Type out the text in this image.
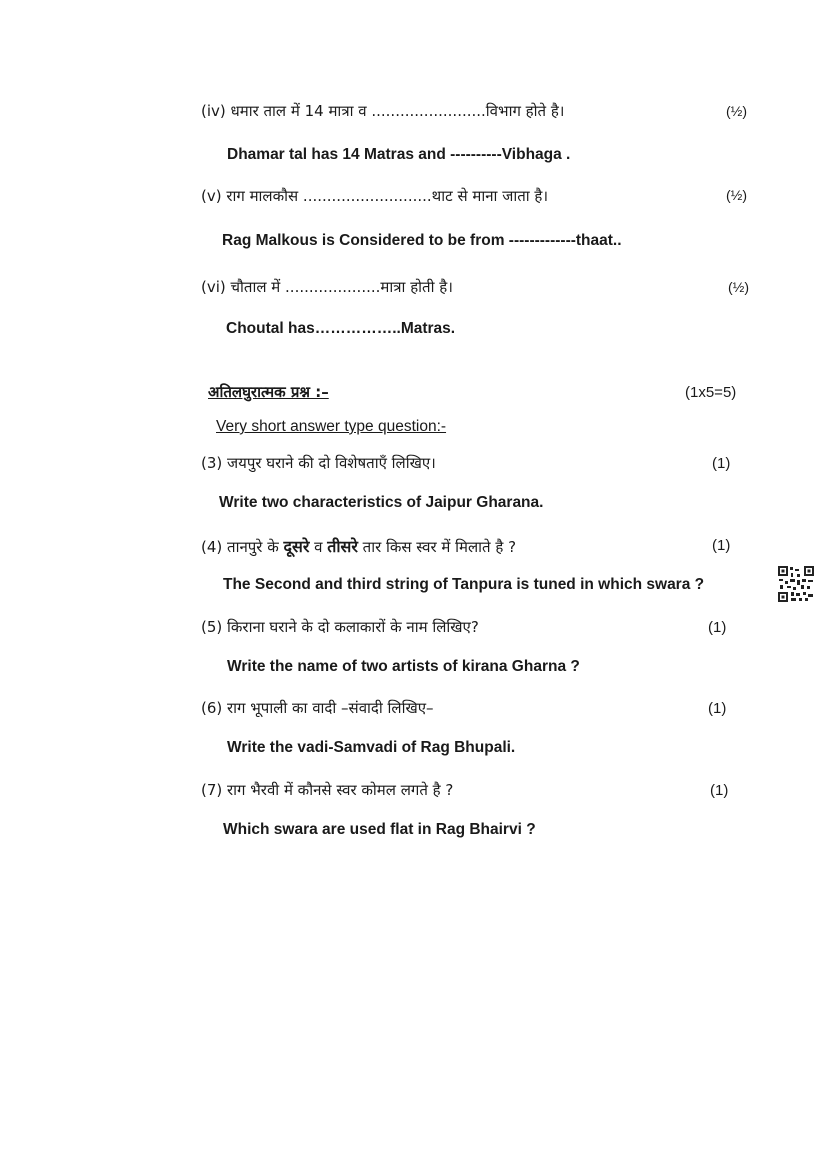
(iv) धमार ताल में 14 मात्रा व ........................विभाग होते है।	(½)
Dhamar tal has 14 Matras and ----------Vibhaga .
(v) राग मालकौस ...........................थाट से माना जाता है।	(½)
Rag Malkous is Considered to be from -------------thaat..
(vi) चौताल में ....................मात्रा होती है।	(½)
Choutal has……………..Matras.
अतिलघुरात्मक प्रश्न :–	(1x5=5)
Very short answer type question:-
(3) जयपुर घराने की दो विशेषताएँ लिखिए।	(1)
Write two characteristics of Jaipur Gharana.
(4) तानपुरे के दूसरे व तीसरे तार किस स्वर में मिलाते है ?	(1)
The Second and third string of Tanpura is tuned in which swara ?
(5) किराना घराने के दो कलाकारों के नाम लिखिए?	(1)
Write the name of two artists of kirana Gharna ?
(6) राग भूपाली का वादी –संवादी लिखिए–	(1)
Write the vadi-Samvadi of Rag Bhupali.
(7) राग भैरवी में कौनसे स्वर कोमल लगते है ?	(1)
Which swara are used flat in Rag Bhairvi ?
